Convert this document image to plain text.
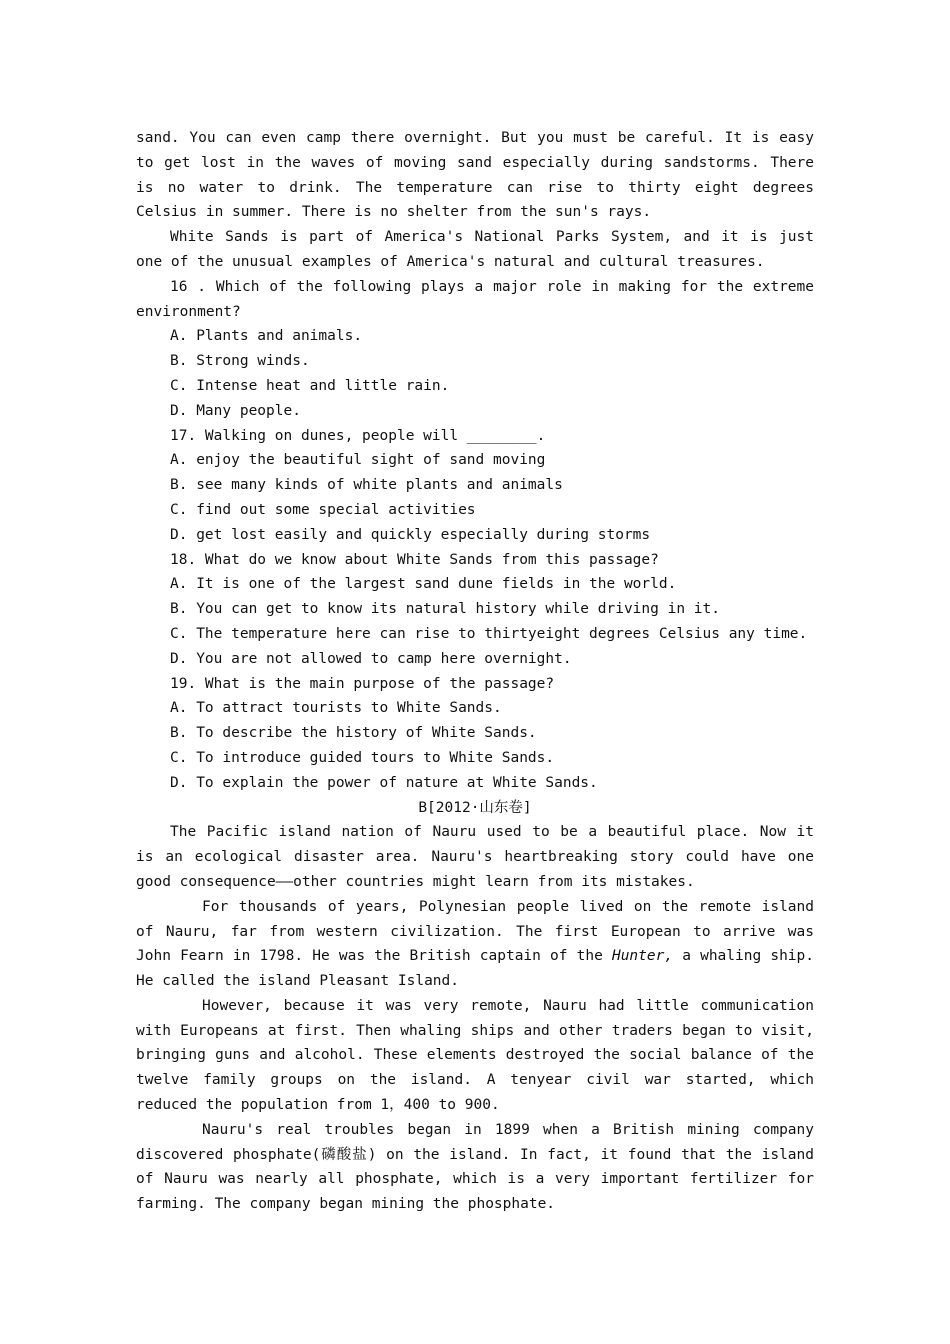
sand. You can even camp there overnight. But you must be careful. It is easy to get lost in the waves of moving sand especially during sandstorms. There is no water to drink. The temperature can rise to thirty eight degrees Celsius in summer. There is no shelter from the sun's rays.

White Sands is part of America's National Parks System, and it is just one of the unusual examples of America's natural and cultural treasures.

16 . Which of the following plays a major role in making for the extreme environment?

A. Plants and animals.

B. Strong winds.

C. Intense heat and little rain.

D. Many people.

17. Walking on dunes, people will ________.

A. enjoy the beautiful sight of sand moving

B. see many kinds of white plants and animals

C. find out some special activities

D. get lost easily and quickly especially during storms

18. What do we know about White Sands from this passage?

A. It is one of the largest sand dune fields in the world.

B. You can get to know its natural history while driving in it.

C. The temperature here can rise to thirtyeight degrees Celsius any time.

D. You are not allowed to camp here overnight.

19. What is the main purpose of the passage?

A. To attract tourists to White Sands.

B. To describe the history of White Sands.

C. To introduce guided tours to White Sands.

D. To explain the power of nature at White Sands.

B[2012·山东卷]

The Pacific island nation of Nauru used to be a beautiful place. Now it is an ecological disaster area. Nauru's heartbreaking story could have one good consequence——other countries might learn from its mistakes.

For thousands of years, Polynesian people lived on the remote island of Nauru, far from western civilization. The first European to arrive was John Fearn in 1798. He was the British captain of the Hunter, a whaling ship. He called the island Pleasant Island.

However, because it was very remote, Nauru had little communication with Europeans at first. Then whaling ships and other traders began to visit, bringing guns and alcohol. These elements destroyed the social balance of the twelve family groups on the island. A tenyear civil war started, which reduced the population from 1，400 to 900.

Nauru's real troubles began in 1899 when a British mining company discovered phosphate(磷酸盐) on the island. In fact, it found that the island of Nauru was nearly all phosphate, which is a very important fertilizer for farming. The company began mining the phosphate.
